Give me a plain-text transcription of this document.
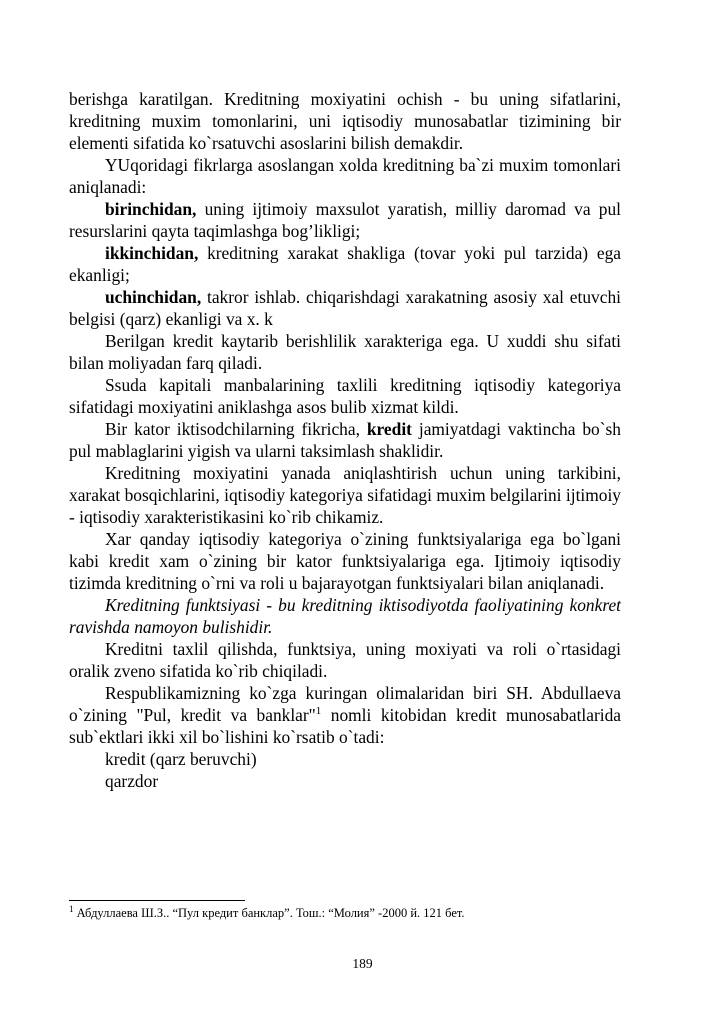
berishga karatilgan. Kreditning moxiyatini ochish - bu uning sifatlarini, kreditning muxim tomonlarini, uni iqtisodiy munosabatlar tizimining bir elementi sifatida ko`rsatuvchi asoslarini bilish demakdir.

YUqoridagi fikrlarga asoslangan xolda kreditning ba`zi muxim tomonlari aniqlanadi:

birinchidan, uning ijtimoiy maxsulot yaratish, milliy daromad va pul resurslarini qayta taqimlashga bog’likligi;

ikkinchidan, kreditning xarakat shakliga (tovar yoki pul tarzida) ega ekanligi;

uchinchidan, takror ishlab. chiqarishdagi xarakatning asosiy xal etuvchi belgisi (qarz) ekanligi va x. k

Berilgan kredit kaytarib berishlilik xarakteriga ega. U xuddi shu sifati bilan moliyadan farq qiladi.

Ssuda kapitali manbalarining taxlili kreditning iqtisodiy kategoriya sifatidagi moxiyatini aniklashga asos bulib xizmat kildi.

Bir kator iktisodchilarning fikricha, kredit jamiyatdagi vaktincha bo`sh pul mablaglarini yigish va ularni taksimlash shaklidir.

Kreditning moxiyatini yanada aniqlashtirish uchun uning tarkibini, xarakat bosqichlarini, iqtisodiy kategoriya sifatidagi muxim belgilarini ijtimoiy - iqtisodiy xarakteristikasini ko`rib chikamiz.

Xar qanday iqtisodiy kategoriya o`zining funktsiyalariga ega bo`lgani kabi kredit xam o`zining bir kator funktsiyalariga ega. Ijtimoiy iqtisodiy tizimda kreditning o`rni va roli u bajarayotgan funktsiyalari bilan aniqlanadi.

Kreditning funktsiyasi - bu kreditning iktisodiyotda faoliyatining konkret ravishda namoyon bulishidir.

Kreditni taxlil qilishda, funktsiya, uning moxiyati va roli o`rtasidagi oralik zveno sifatida ko`rib chiqiladi.

Respublikamizning ko`zga kuringan olimalaridan biri SH. Abdullaeva o`zining "Pul, kredit va banklar"$^1$ nomli kitobidan kredit munosabatlarida sub`ektlari ikki xil bo`lishini ko`rsatib o`tadi:

kredit (qarz beruvchi)

qarzdor

$^1$ Абдуллаева Ш.З.. “Пул кредит банклар”. Тош.: “Молия” -2000 й. 121 бет.
189
